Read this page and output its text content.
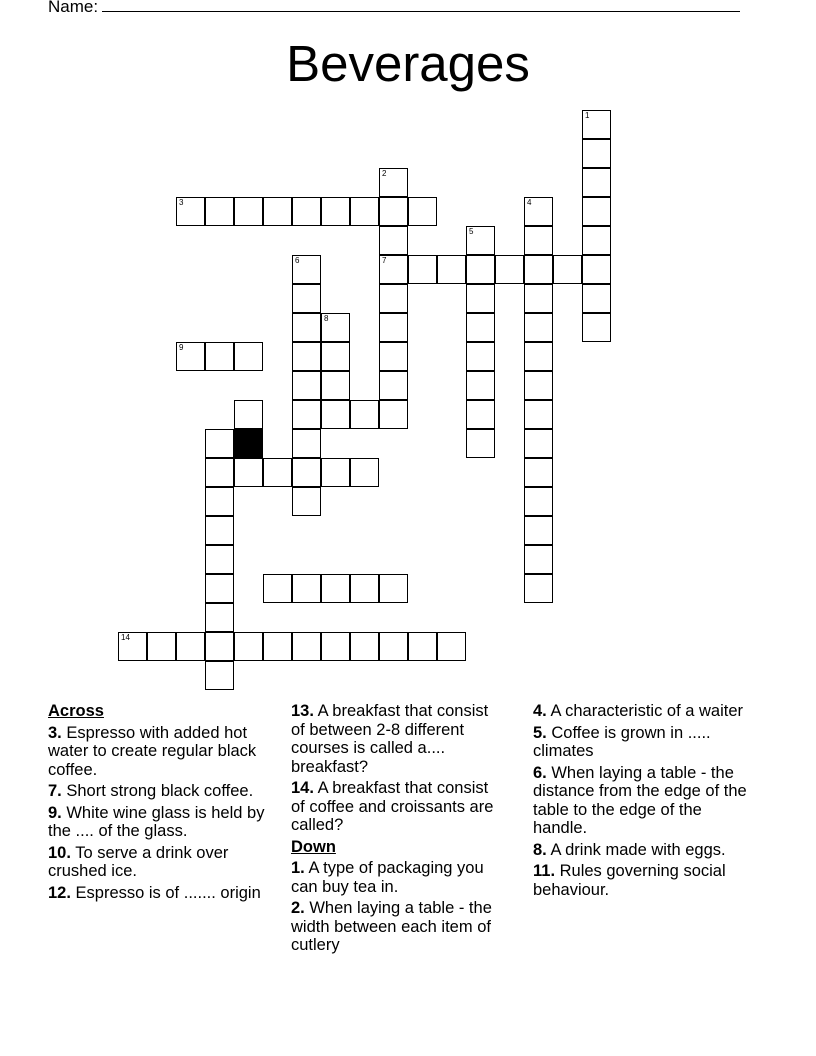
Name:
Beverages
1
2
7
3	4
5
6
8
9
11
14
Across
3. Espresso with added hot water to create regular black coffee.
7. Short strong black coffee.
9. White wine glass is held by the .... of the glass.
10. To serve a drink over crushed ice.
12. Espresso is of ....... origin
13. A breakfast that consist of between 2-8 different courses is called a.... breakfast?
14. A breakfast that consist of coffee and croissants are called?
Down
1. A type of packaging you can buy tea in.
2. When laying a table - the width between each item of cutlery
4. A characteristic of a waiter
5. Coffee is grown in ..... climates
6. When laying a table - the distance from the edge of the table to the edge of the handle.
8. A drink made with eggs.
11. Rules governing social behaviour.
